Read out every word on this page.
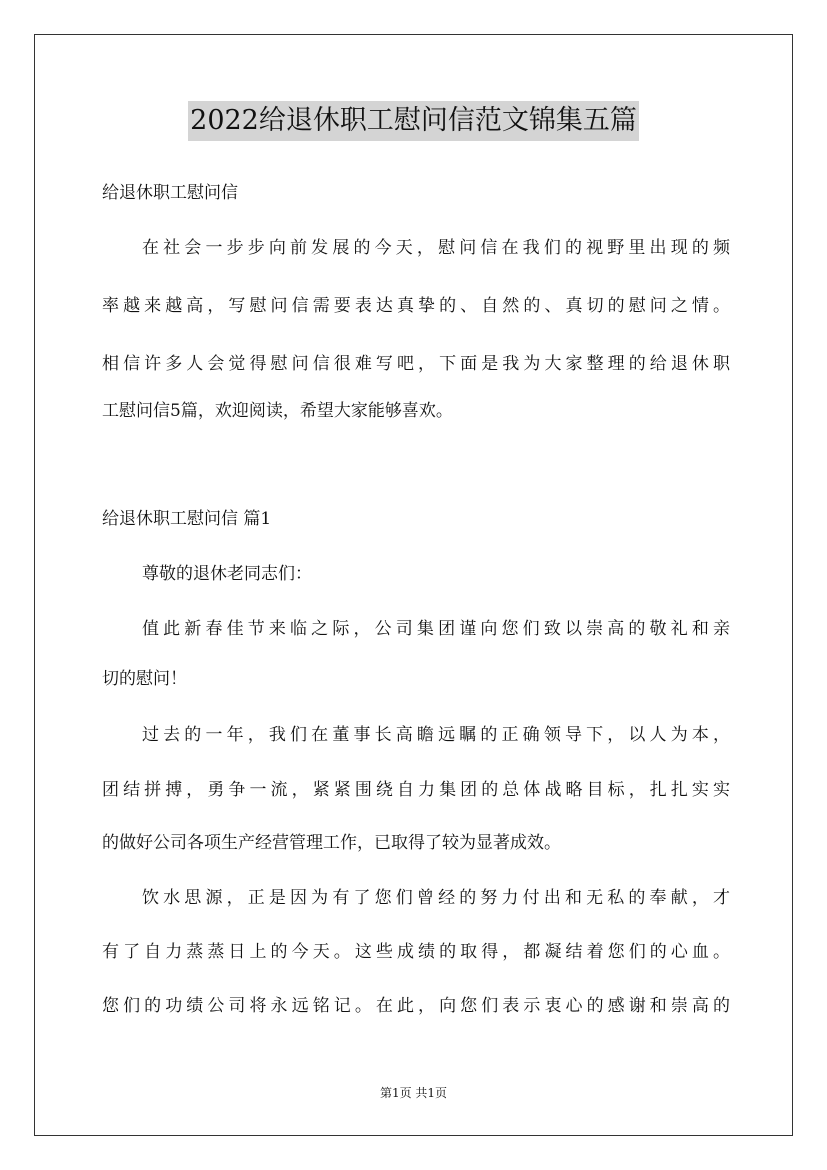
2022给退休职工慰问信范文锦集五篇
给退休职工慰问信
在社会一步步向前发展的今天，慰问信在我们的视野里出现的频
率越来越高，写慰问信需要表达真挚的、自然的、真切的慰问之情。
相信许多人会觉得慰问信很难写吧，下面是我为大家整理的给退休职
工慰问信5篇，欢迎阅读，希望大家能够喜欢。
给退休职工慰问信 篇1
尊敬的退休老同志们：
值此新春佳节来临之际，公司集团谨向您们致以崇高的敬礼和亲
切的慰问！
过去的一年，我们在董事长高瞻远瞩的正确领导下，以人为本，
团结拼搏，勇争一流，紧紧围绕自力集团的总体战略目标，扎扎实实
的做好公司各项生产经营管理工作，已取得了较为显著成效。
饮水思源，正是因为有了您们曾经的努力付出和无私的奉献，才
有了自力蒸蒸日上的今天。这些成绩的取得，都凝结着您们的心血。
您们的功绩公司将永远铭记。在此，向您们表示衷心的感谢和崇高的
第1页 共1页
